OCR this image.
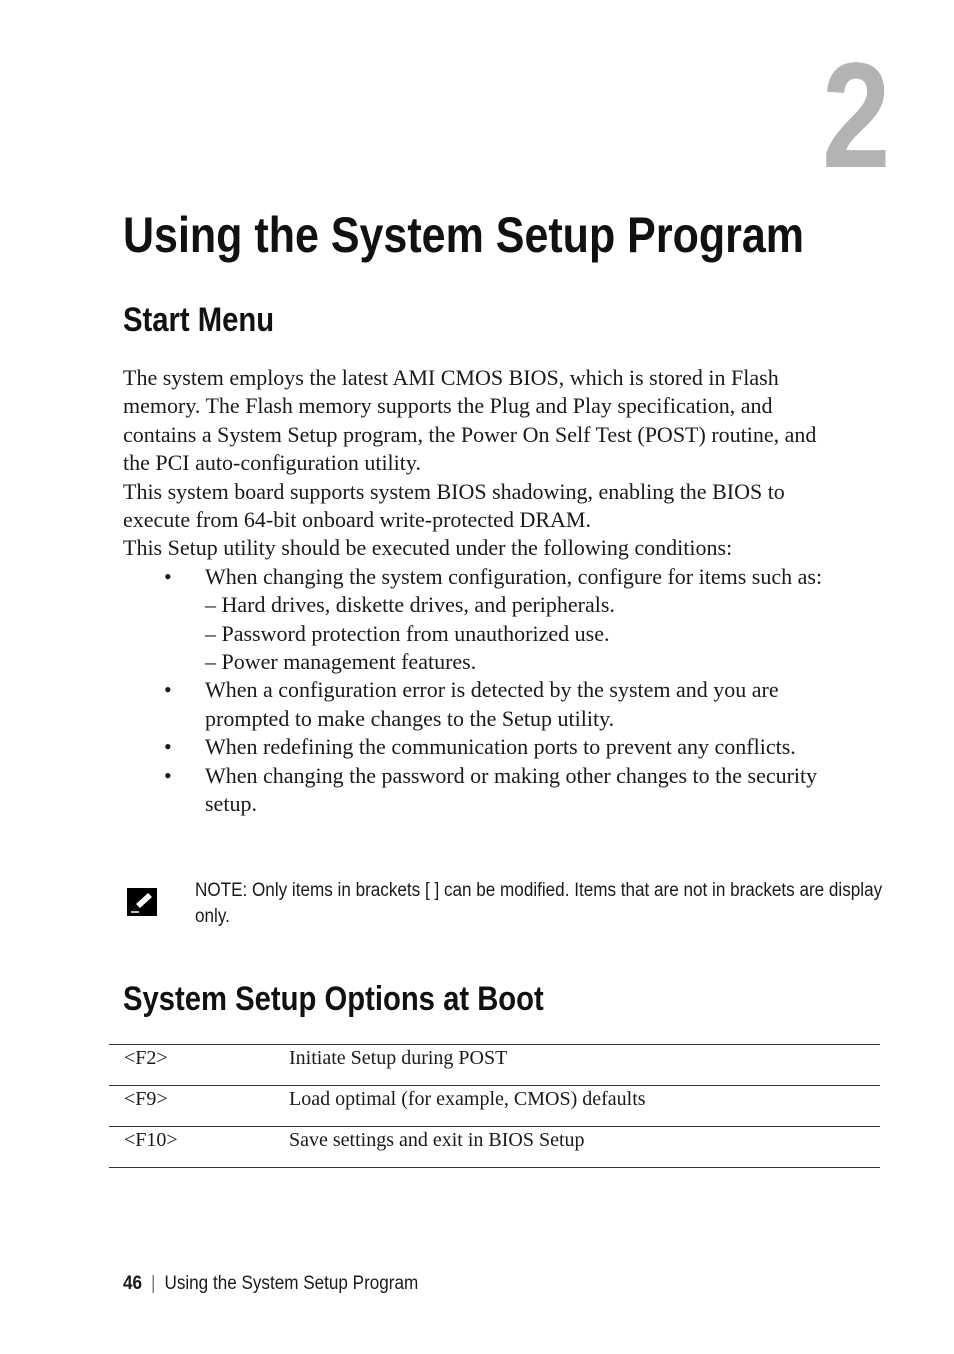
2
Using the System Setup Program
Start Menu

The system employs the latest AMI CMOS BIOS, which is stored in Flash memory. The Flash memory supports the Plug and Play specification, and contains a System Setup program, the Power On Self Test (POST) routine, and the PCI auto-configuration utility.

This system board supports system BIOS shadowing, enabling the BIOS to execute from 64-bit onboard write-protected DRAM.

This Setup utility should be executed under the following conditions:

• When changing the system configuration, configure for items such as:
– Hard drives, diskette drives, and peripherals.
– Password protection from unauthorized use.
– Power management features.
• When a configuration error is detected by the system and you are prompted to make changes to the Setup utility.
• When redefining the communication ports to prevent any conflicts.
• When changing the password or making other changes to the security setup.
NOTE: Only items in brackets [ ] can be modified. Items that are not in brackets are display only.
System Setup Options at Boot
<F2>	Initiate Setup during POST
<F9>	Load optimal (for example, CMOS) defaults
<F10>	Save settings and exit in BIOS Setup
46 | Using the System Setup Program
